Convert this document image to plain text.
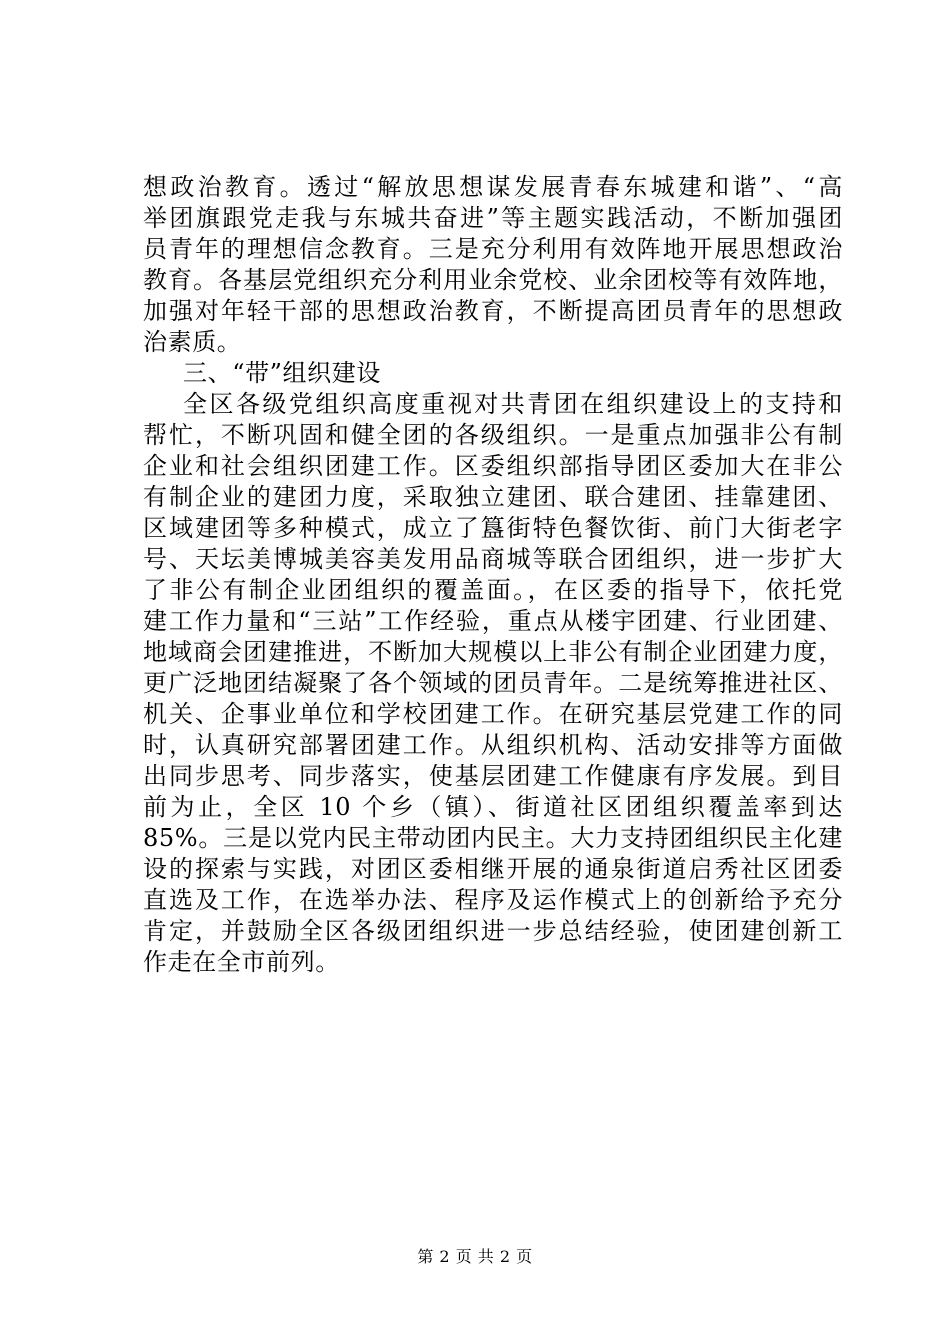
想政治教育。透过“解放思想谋发展青春东城建和谐”、“高
举团旗跟党走我与东城共奋进”等主题实践活动，不断加强团
员青年的理想信念教育。三是充分利用有效阵地开展思想政治
教育。各基层党组织充分利用业余党校、业余团校等有效阵地，
加强对年轻干部的思想政治教育，不断提高团员青年的思想政
治素质。
三、“带”组织建设
全区各级党组织高度重视对共青团在组织建设上的支持和
帮忙，不断巩固和健全团的各级组织。一是重点加强非公有制
企业和社会组织团建工作。区委组织部指导团区委加大在非公
有制企业的建团力度，采取独立建团、联合建团、挂靠建团、
区域建团等多种模式，成立了簋街特色餐饮街、前门大街老字
号、天坛美博城美容美发用品商城等联合团组织，进一步扩大
了非公有制企业团组织的覆盖面。，在区委的指导下，依托党
建工作力量和“三站”工作经验，重点从楼宇团建、行业团建、
地域商会团建推进，不断加大规模以上非公有制企业团建力度，
更广泛地团结凝聚了各个领域的团员青年。二是统筹推进社区、
机关、企事业单位和学校团建工作。在研究基层党建工作的同
时，认真研究部署团建工作。从组织机构、活动安排等方面做
出同步思考、同步落实，使基层团建工作健康有序发展。到目
前为止，全区 10 个乡（镇）、街道社区团组织覆盖率到达
85%。三是以党内民主带动团内民主。大力支持团组织民主化建
设的探索与实践，对团区委相继开展的通泉街道启秀社区团委
直选及工作，在选举办法、程序及运作模式上的创新给予充分
肯定，并鼓励全区各级团组织进一步总结经验，使团建创新工
作走在全市前列。
第 2 页 共 2 页
